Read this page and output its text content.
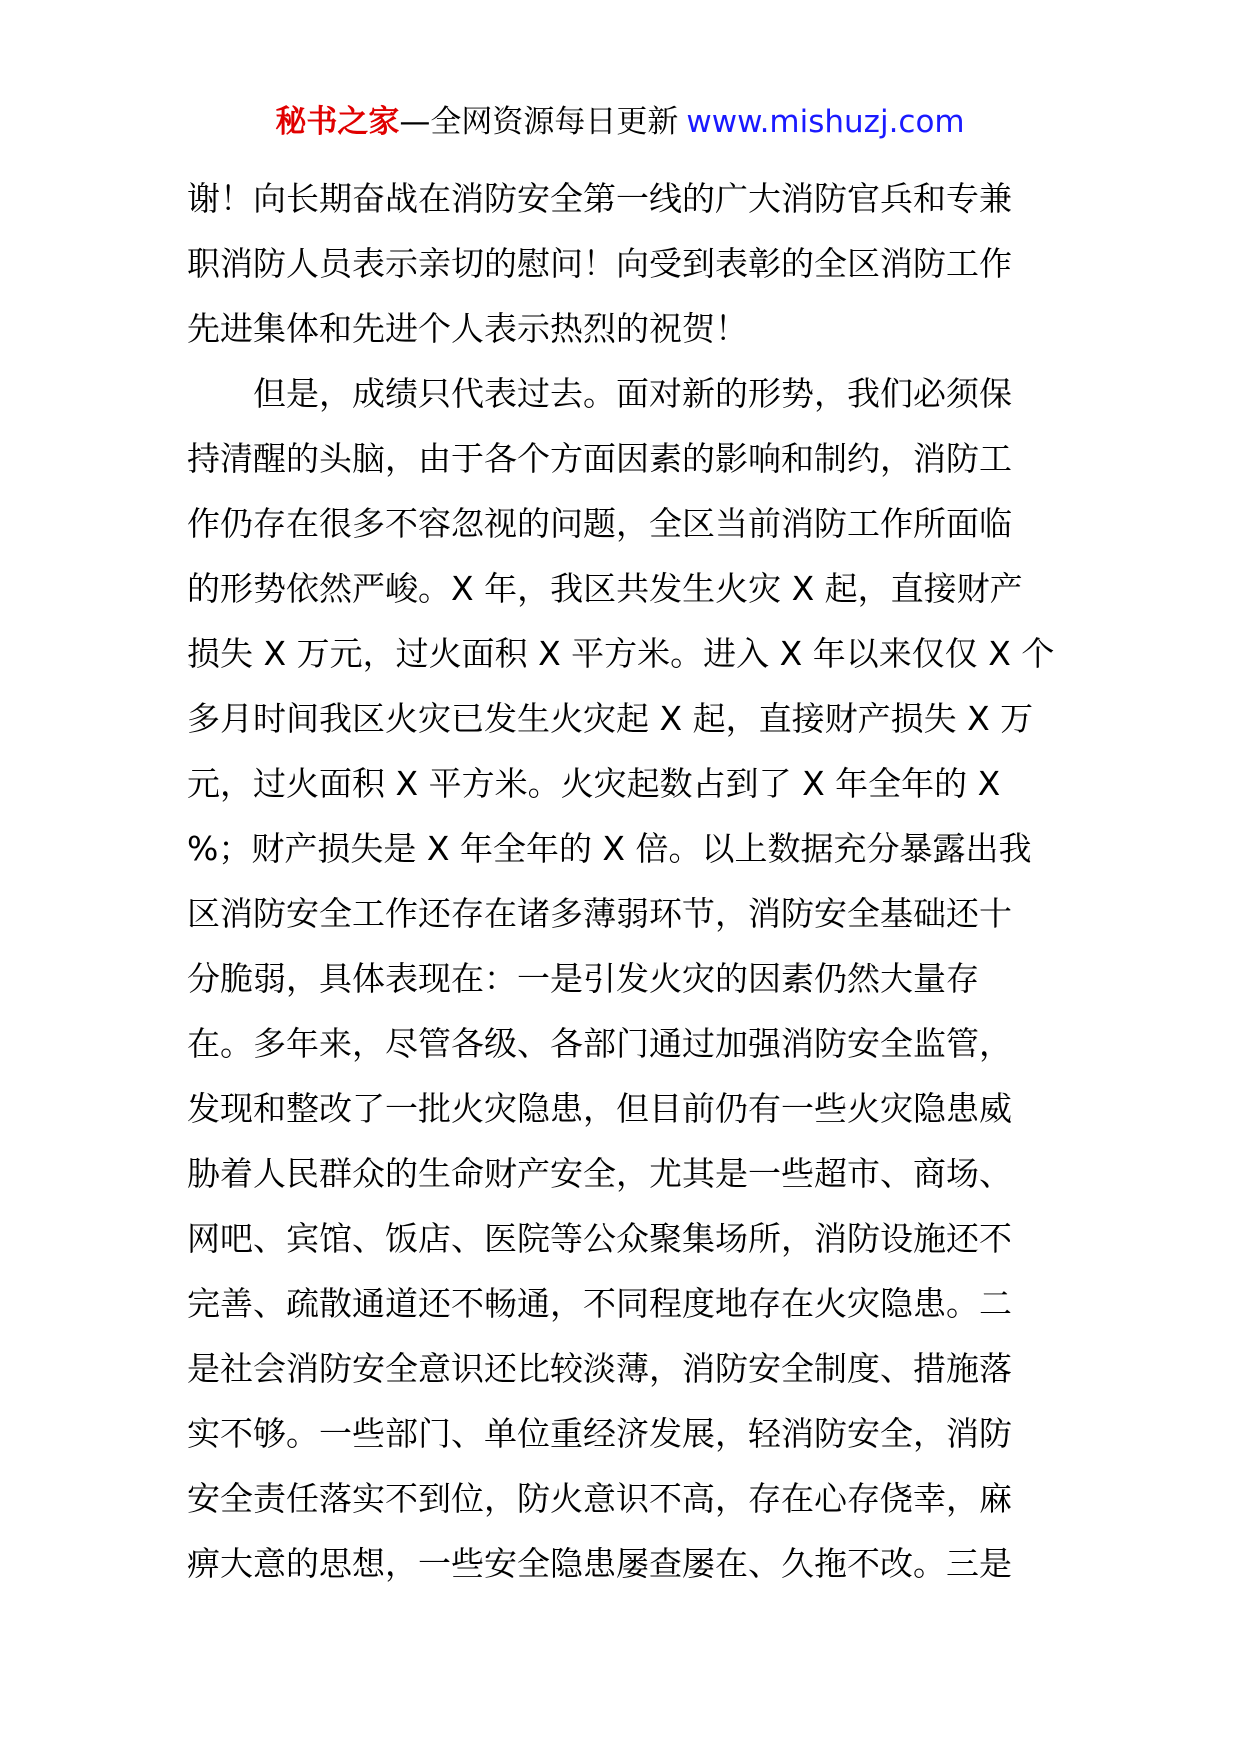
秘书之家—全网资源每日更新 www.mishuzj.com
谢！向长期奋战在消防安全第一线的广大消防官兵和专兼
职消防人员表示亲切的慰问！向受到表彰的全区消防工作
先进集体和先进个人表示热烈的祝贺！
　　但是，成绩只代表过去。面对新的形势，我们必须保
持清醒的头脑，由于各个方面因素的影响和制约，消防工
作仍存在很多不容忽视的问题，全区当前消防工作所面临
的形势依然严峻。X 年，我区共发生火灾 X 起，直接财产
损失 X 万元，过火面积 X 平方米。进入 X 年以来仅仅 X 个
多月时间我区火灾已发生火灾起 X 起，直接财产损失 X 万
元，过火面积 X 平方米。火灾起数占到了 X 年全年的 X
%；财产损失是 X 年全年的 X 倍。以上数据充分暴露出我
区消防安全工作还存在诸多薄弱环节，消防安全基础还十
分脆弱，具体表现在：一是引发火灾的因素仍然大量存
在。多年来，尽管各级、各部门通过加强消防安全监管，
发现和整改了一批火灾隐患，但目前仍有一些火灾隐患威
胁着人民群众的生命财产安全，尤其是一些超市、商场、
网吧、宾馆、饭店、医院等公众聚集场所，消防设施还不
完善、疏散通道还不畅通，不同程度地存在火灾隐患。二
是社会消防安全意识还比较淡薄，消防安全制度、措施落
实不够。一些部门、单位重经济发展，轻消防安全，消防
安全责任落实不到位，防火意识不高，存在心存侥幸，麻
痹大意的思想，一些安全隐患屡查屡在、久拖不改。三是
